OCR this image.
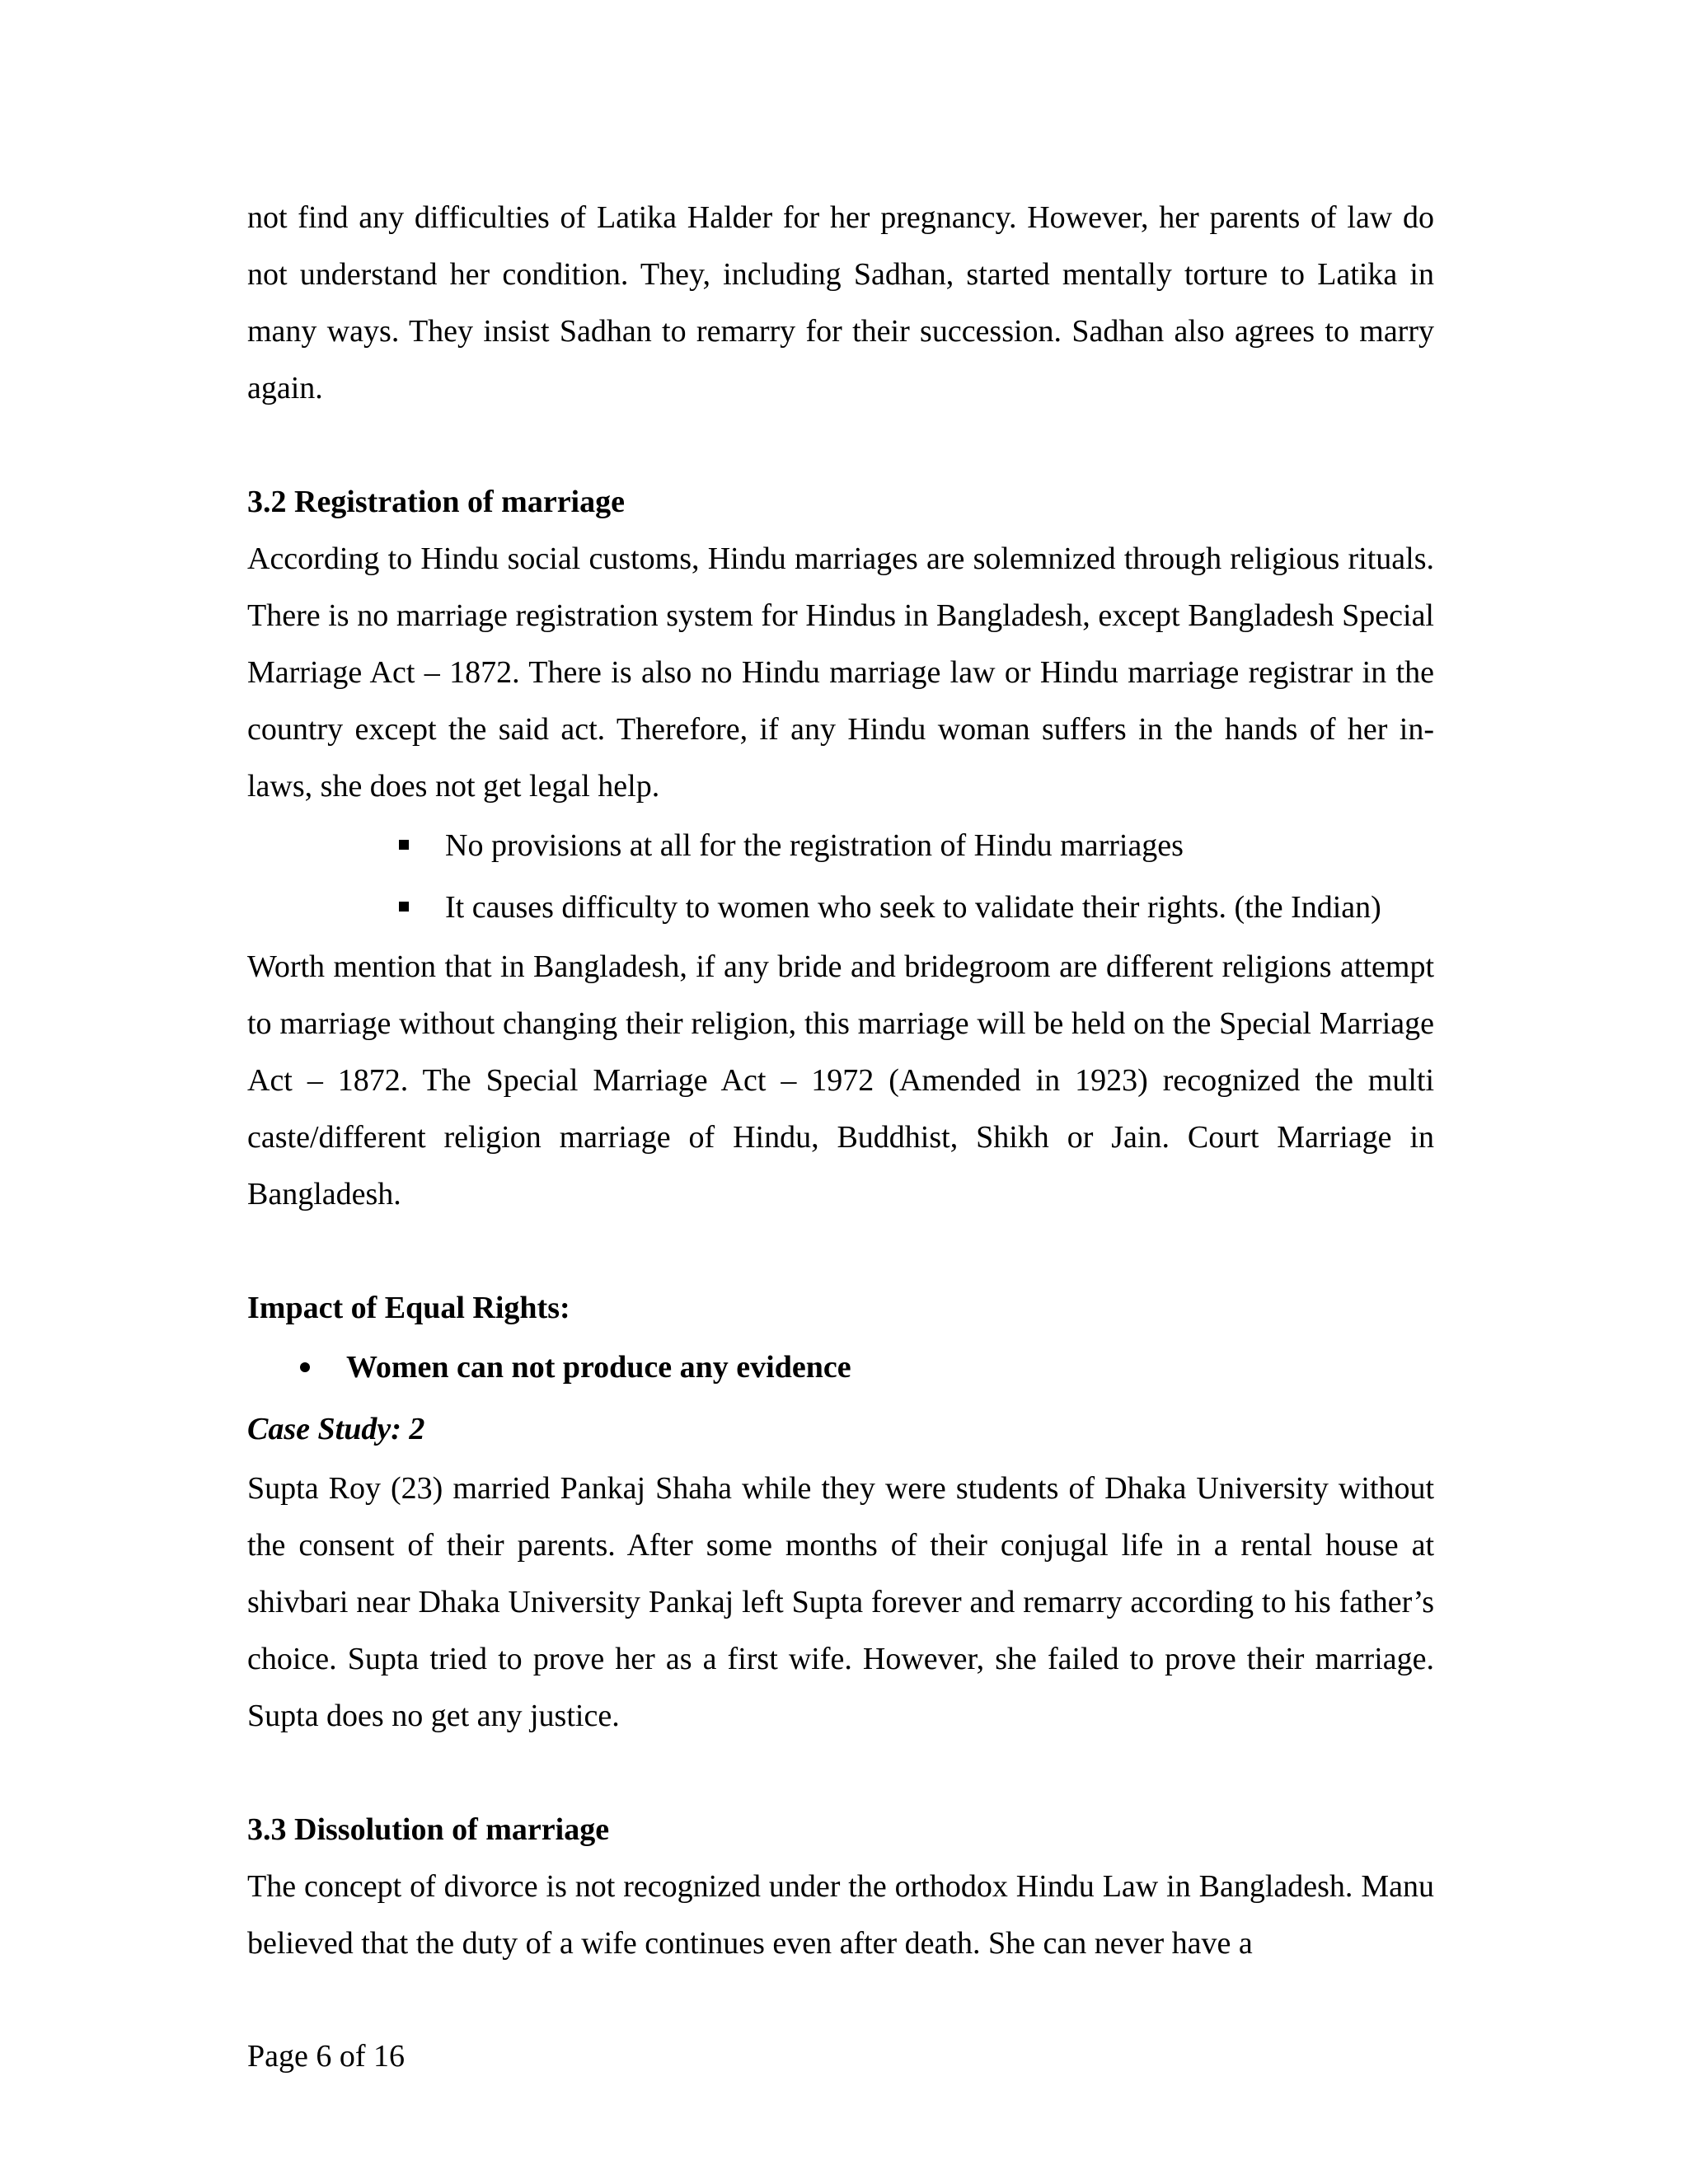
not find any difficulties of Latika Halder for her pregnancy. However, her parents of law do not understand her condition. They, including Sadhan, started mentally torture to Latika in many ways. They insist Sadhan to remarry for their succession. Sadhan also agrees to marry again.

3.2 Registration of marriage

According to Hindu social customs, Hindu marriages are solemnized through religious rituals. There is no marriage registration system for Hindus in Bangladesh, except Bangladesh Special Marriage Act – 1872. There is also no Hindu marriage law or Hindu marriage registrar in the country except the said act. Therefore, if any Hindu woman suffers in the hands of her in-laws, she does not get legal help.

No provisions at all for the registration of Hindu marriages
It causes difficulty to women who seek to validate their rights. (the Indian)

Worth mention that in Bangladesh, if any bride and bridegroom are different religions attempt to marriage without changing their religion, this marriage will be held on the Special Marriage Act – 1872. The Special Marriage Act – 1972 (Amended in 1923) recognized the multi caste/different religion marriage of Hindu, Buddhist, Shikh or Jain. Court Marriage in Bangladesh.

Impact of Equal Rights:

Women can not produce any evidence

Case Study: 2

Supta Roy (23) married Pankaj Shaha while they were students of Dhaka University without the consent of their parents. After some months of their conjugal life in a rental house at shivbari near Dhaka University Pankaj left Supta forever and remarry according to his father’s choice. Supta tried to prove her as a first wife. However, she failed to prove their marriage. Supta does no get any justice.

3.3 Dissolution of marriage

The concept of divorce is not recognized under the orthodox Hindu Law in Bangladesh. Manu believed that the duty of a wife continues even after death. She can never have a

Page 6 of 16
